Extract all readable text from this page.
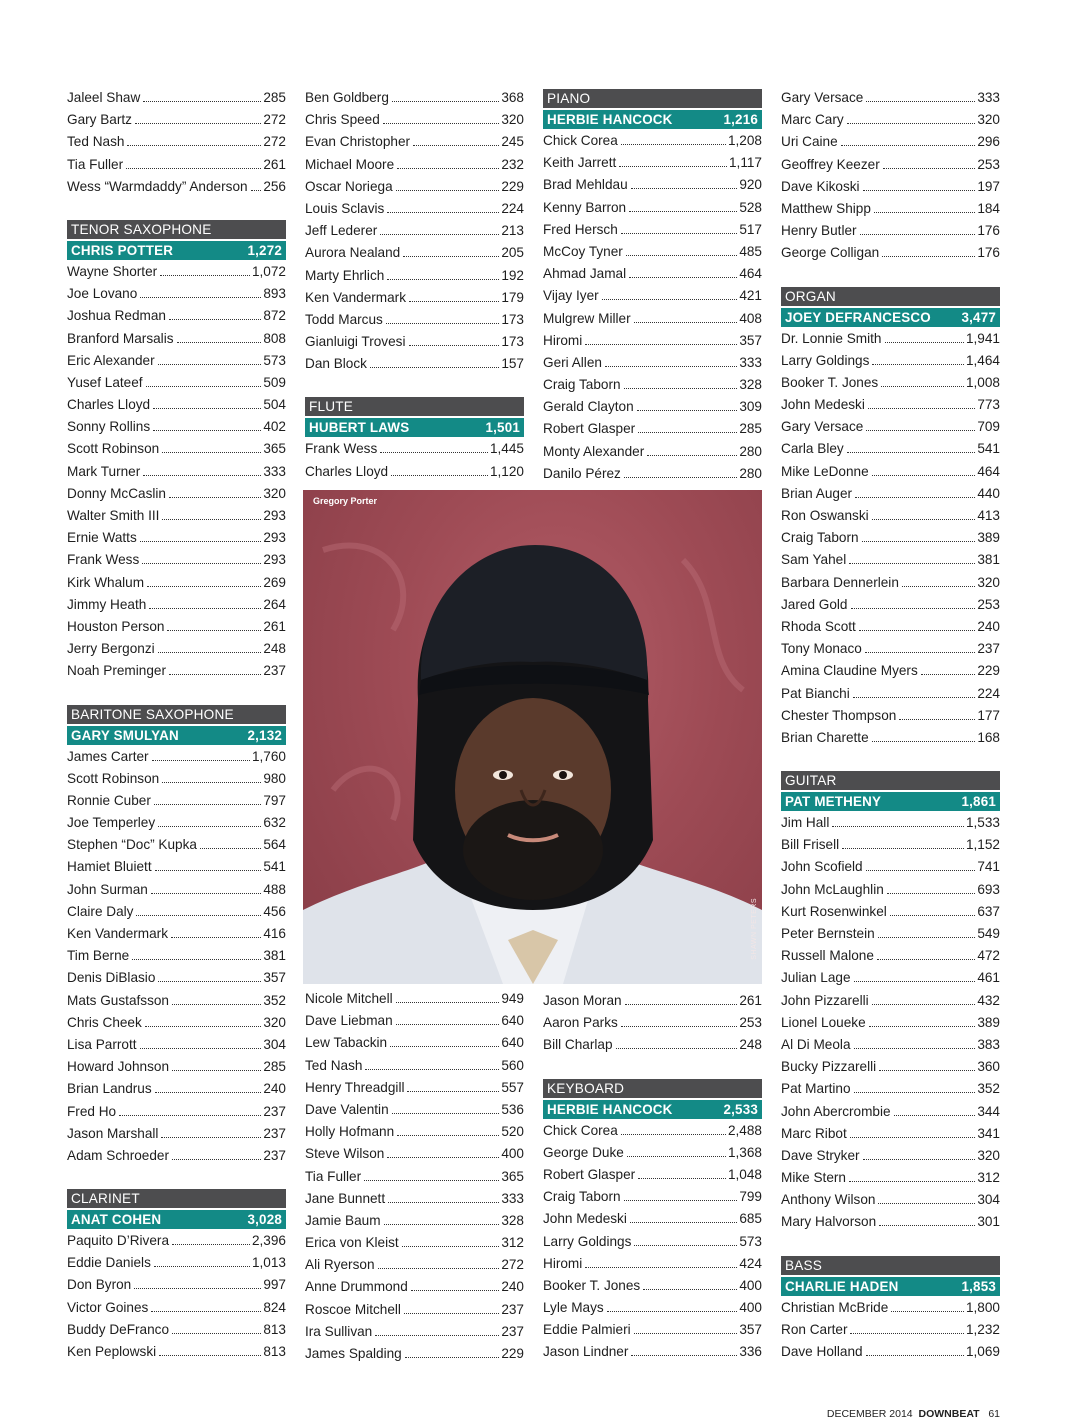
Jaleel Shaw	285
Gary Bartz	272
Ted Nash	272
Tia Fuller	261
Wess “Warmdaddy” Anderson 256
TENOR SAXOPHONE
CHRIS POTTER	1,272
Wayne Shorter	1,072
Joe Lovano	893
Joshua Redman	872
Branford Marsalis	808
Eric Alexander	573
Yusef Lateef	509
Charles Lloyd	504
Sonny Rollins	402
Scott Robinson	365
Mark Turner	333
Donny McCaslin	320
Walter Smith III	293
Ernie Watts	293
Frank Wess	293
Kirk Whalum	269
Jimmy Heath	264
Houston Person	261
Jerry Bergonzi	248
Noah Preminger	237
BARITONE SAXOPHONE
GARY SMULYAN	2,132
James Carter	1,760
Scott Robinson	980
Ronnie Cuber	797
Joe Temperley	632
Stephen “Doc” Kupka	564
Hamiet Bluiett	541
John Surman	488
Claire Daly	456
Ken Vandermark	416
Tim Berne	381
Denis DiBlasio	357
Mats Gustafsson	352
Chris Cheek	320
Lisa Parrott	304
Howard Johnson	285
Brian Landrus	240
Fred Ho	237
Jason Marshall	237
Adam Schroeder	237
CLARINET
ANAT COHEN	3,028
Paquito D’Rivera	2,396
Eddie Daniels	1,013
Don Byron	997
Victor Goines	824
Buddy DeFranco	813
Ken Peplowski	813
Ben Goldberg	368
Chris Speed	320
Evan Christopher	245
Michael Moore	232
Oscar Noriega	229
Louis Sclavis	224
Jeff Lederer	213
Aurora Nealand	205
Marty Ehrlich	192
Ken Vandermark	179
Todd Marcus	173
Gianluigi Trovesi	173
Dan Block	157
FLUTE
HUBERT LAWS	1,501
Frank Wess	1,445
Charles Lloyd	1,120
Nicole Mitchell	949
Dave Liebman	640
Lew Tabackin	640
Ted Nash	560
Henry Threadgill	557
Dave Valentin	536
Holly Hofmann	520
Steve Wilson	400
Tia Fuller	365
Jane Bunnett	333
Jamie Baum	328
Erica von Kleist	312
Ali Ryerson	272
Anne Drummond	240
Roscoe Mitchell	237
Ira Sullivan	237
James Spalding	229
PIANO
HERBIE HANCOCK	1,216
Chick Corea	1,208
Keith Jarrett	1,117
Brad Mehldau	920
Kenny Barron	528
Fred Hersch	517
McCoy Tyner	485
Ahmad Jamal	464
Vijay Iyer	421
Mulgrew Miller	408
Hiromi	357
Geri Allen	333
Craig Taborn	328
Gerald Clayton	309
Robert Glasper	285
Monty Alexander	280
Danilo Pérez	280
Jason Moran	261
Aaron Parks	253
Bill Charlap	248
KEYBOARD
HERBIE HANCOCK	2,533
Chick Corea	2,488
George Duke	1,368
Robert Glasper	1,048
Craig Taborn	799
John Medeski	685
Larry Goldings	573
Hiromi	424
Booker T. Jones	400
Lyle Mays	400
Eddie Palmieri	357
Jason Lindner	336
Gary Versace	333
Marc Cary	320
Uri Caine	296
Geoffrey Keezer	253
Dave Kikoski	197
Matthew Shipp	184
Henry Butler	176
George Colligan	176
ORGAN
JOEY DEFRANCESCO 3,477
Dr. Lonnie Smith	1,941
Larry Goldings	1,464
Booker T. Jones	1,008
John Medeski	773
Gary Versace	709
Carla Bley	541
Mike LeDonne	464
Brian Auger	440
Ron Oswanski	413
Craig Taborn	389
Sam Yahel	381
Barbara Dennerlein	320
Jared Gold	253
Rhoda Scott	240
Tony Monaco	237
Amina Claudine Myers	229
Pat Bianchi	224
Chester Thompson	177
Brian Charette	168
GUITAR
PAT METHENY	1,861
Jim Hall	1,533
Bill Frisell	1,152
John Scofield	741
John McLaughlin	693
Kurt Rosenwinkel	637
Peter Bernstein	549
Russell Malone	472
Julian Lage	461
John Pizzarelli	432
Lionel Loueke	389
Al Di Meola	383
Bucky Pizzarelli	360
Pat Martino	352
John Abercrombie	344
Marc Ribot	341
Dave Stryker	320
Mike Stern	312
Anthony Wilson	304
Mary Halvorson	301
BASS
CHARLIE HADEN	1,853
Christian McBride	1,800
Ron Carter	1,232
Dave Holland	1,069
Gregory Porter
SHAWN PETERS
DECEMBER 2014 DOWNBEAT 61
